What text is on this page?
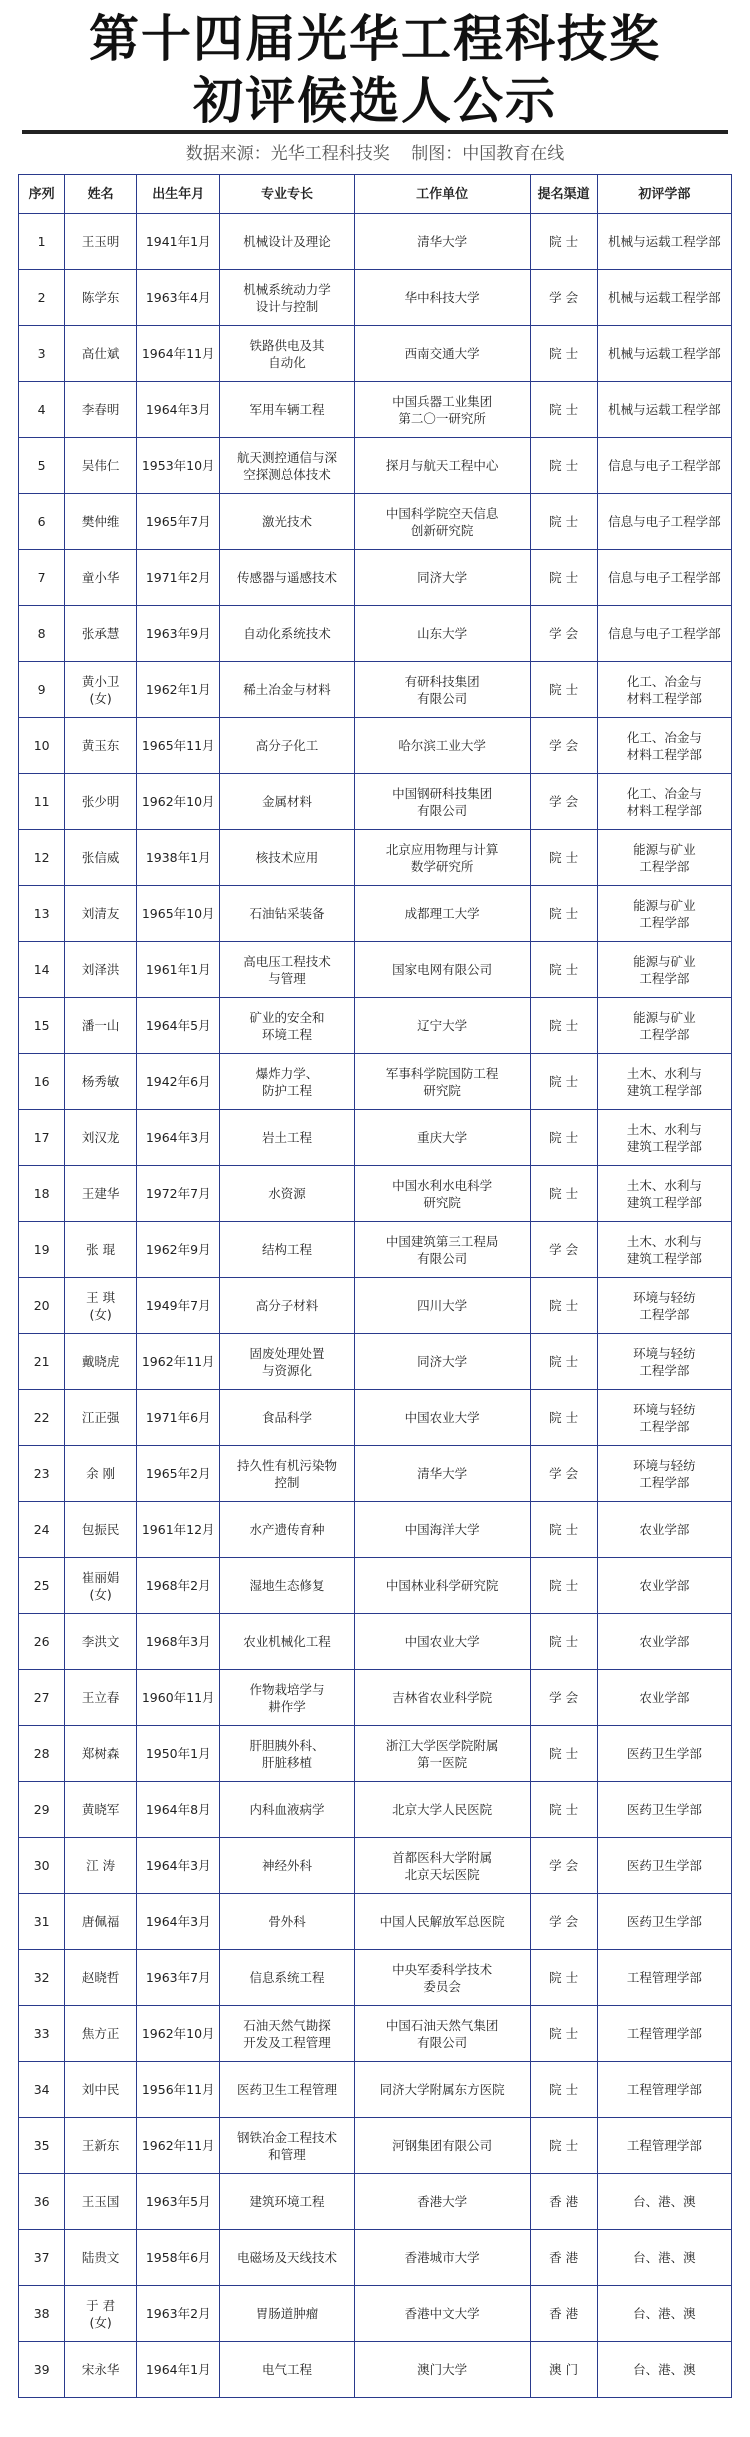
第十四届光华工程科技奖
初评候选人公示
数据来源：光华工程科技奖 制图：中国教育在线
序列	姓名	出生年月	专业专长	工作单位	提名渠道	初评学部
1	王玉明	1941年1月	机械设计及理论	清华大学	院 士	机械与运载工程学部
2	陈学东	1963年4月	机械系统动力学
设计与控制	华中科技大学	学 会	机械与运载工程学部
3	高仕斌	1964年11月	铁路供电及其
自动化	西南交通大学	院 士	机械与运载工程学部
4	李春明	1964年3月	军用车辆工程	中国兵器工业集团
第二〇一研究所	院 士	机械与运载工程学部
5	吴伟仁	1953年10月	航天测控通信与深
空探测总体技术	探月与航天工程中心	院 士	信息与电子工程学部
6	樊仲维	1965年7月	激光技术	中国科学院空天信息
创新研究院	院 士	信息与电子工程学部
7	童小华	1971年2月	传感器与遥感技术	同济大学	院 士	信息与电子工程学部
8	张承慧	1963年9月	自动化系统技术	山东大学	学 会	信息与电子工程学部
9	黄小卫
(女)	1962年1月	稀土冶金与材料	有研科技集团
有限公司	院 士	化工、冶金与
材料工程学部
10	黄玉东	1965年11月	高分子化工	哈尔滨工业大学	学 会	化工、冶金与
材料工程学部
11	张少明	1962年10月	金属材料	中国钢研科技集团
有限公司	学 会	化工、冶金与
材料工程学部
12	张信威	1938年1月	核技术应用	北京应用物理与计算
数学研究所	院 士	能源与矿业
工程学部
13	刘清友	1965年10月	石油钻采装备	成都理工大学	院 士	能源与矿业
工程学部
14	刘泽洪	1961年1月	高电压工程技术
与管理	国家电网有限公司	院 士	能源与矿业
工程学部
15	潘一山	1964年5月	矿业的安全和
环境工程	辽宁大学	院 士	能源与矿业
工程学部
16	杨秀敏	1942年6月	爆炸力学、
防护工程	军事科学院国防工程
研究院	院 士	土木、水利与
建筑工程学部
17	刘汉龙	1964年3月	岩土工程	重庆大学	院 士	土木、水利与
建筑工程学部
18	王建华	1972年7月	水资源	中国水利水电科学
研究院	院 士	土木、水利与
建筑工程学部
19	张 琨	1962年9月	结构工程	中国建筑第三工程局
有限公司	学 会	土木、水利与
建筑工程学部
20	王 琪
(女)	1949年7月	高分子材料	四川大学	院 士	环境与轻纺
工程学部
21	戴晓虎	1962年11月	固废处理处置
与资源化	同济大学	院 士	环境与轻纺
工程学部
22	江正强	1971年6月	食品科学	中国农业大学	院 士	环境与轻纺
工程学部
23	余 刚	1965年2月	持久性有机污染物
控制	清华大学	学 会	环境与轻纺
工程学部
24	包振民	1961年12月	水产遗传育种	中国海洋大学	院 士	农业学部
25	崔丽娟
(女)	1968年2月	湿地生态修复	中国林业科学研究院	院 士	农业学部
26	李洪文	1968年3月	农业机械化工程	中国农业大学	院 士	农业学部
27	王立春	1960年11月	作物栽培学与
耕作学	吉林省农业科学院	学 会	农业学部
28	郑树森	1950年1月	肝胆胰外科、
肝脏移植	浙江大学医学院附属
第一医院	院 士	医药卫生学部
29	黄晓军	1964年8月	内科血液病学	北京大学人民医院	院 士	医药卫生学部
30	江 涛	1964年3月	神经外科	首都医科大学附属
北京天坛医院	学 会	医药卫生学部
31	唐佩福	1964年3月	骨外科	中国人民解放军总医院	学 会	医药卫生学部
32	赵晓哲	1963年7月	信息系统工程	中央军委科学技术
委员会	院 士	工程管理学部
33	焦方正	1962年10月	石油天然气勘探
开发及工程管理	中国石油天然气集团
有限公司	院 士	工程管理学部
34	刘中民	1956年11月	医药卫生工程管理	同济大学附属东方医院	院 士	工程管理学部
35	王新东	1962年11月	钢铁冶金工程技术
和管理	河钢集团有限公司	院 士	工程管理学部
36	王玉国	1963年5月	建筑环境工程	香港大学	香 港	台、港、澳
37	陆贵文	1958年6月	电磁场及天线技术	香港城市大学	香 港	台、港、澳
38	于 君
(女)	1963年2月	胃肠道肿瘤	香港中文大学	香 港	台、港、澳
39	宋永华	1964年1月	电气工程	澳门大学	澳 门	台、港、澳
